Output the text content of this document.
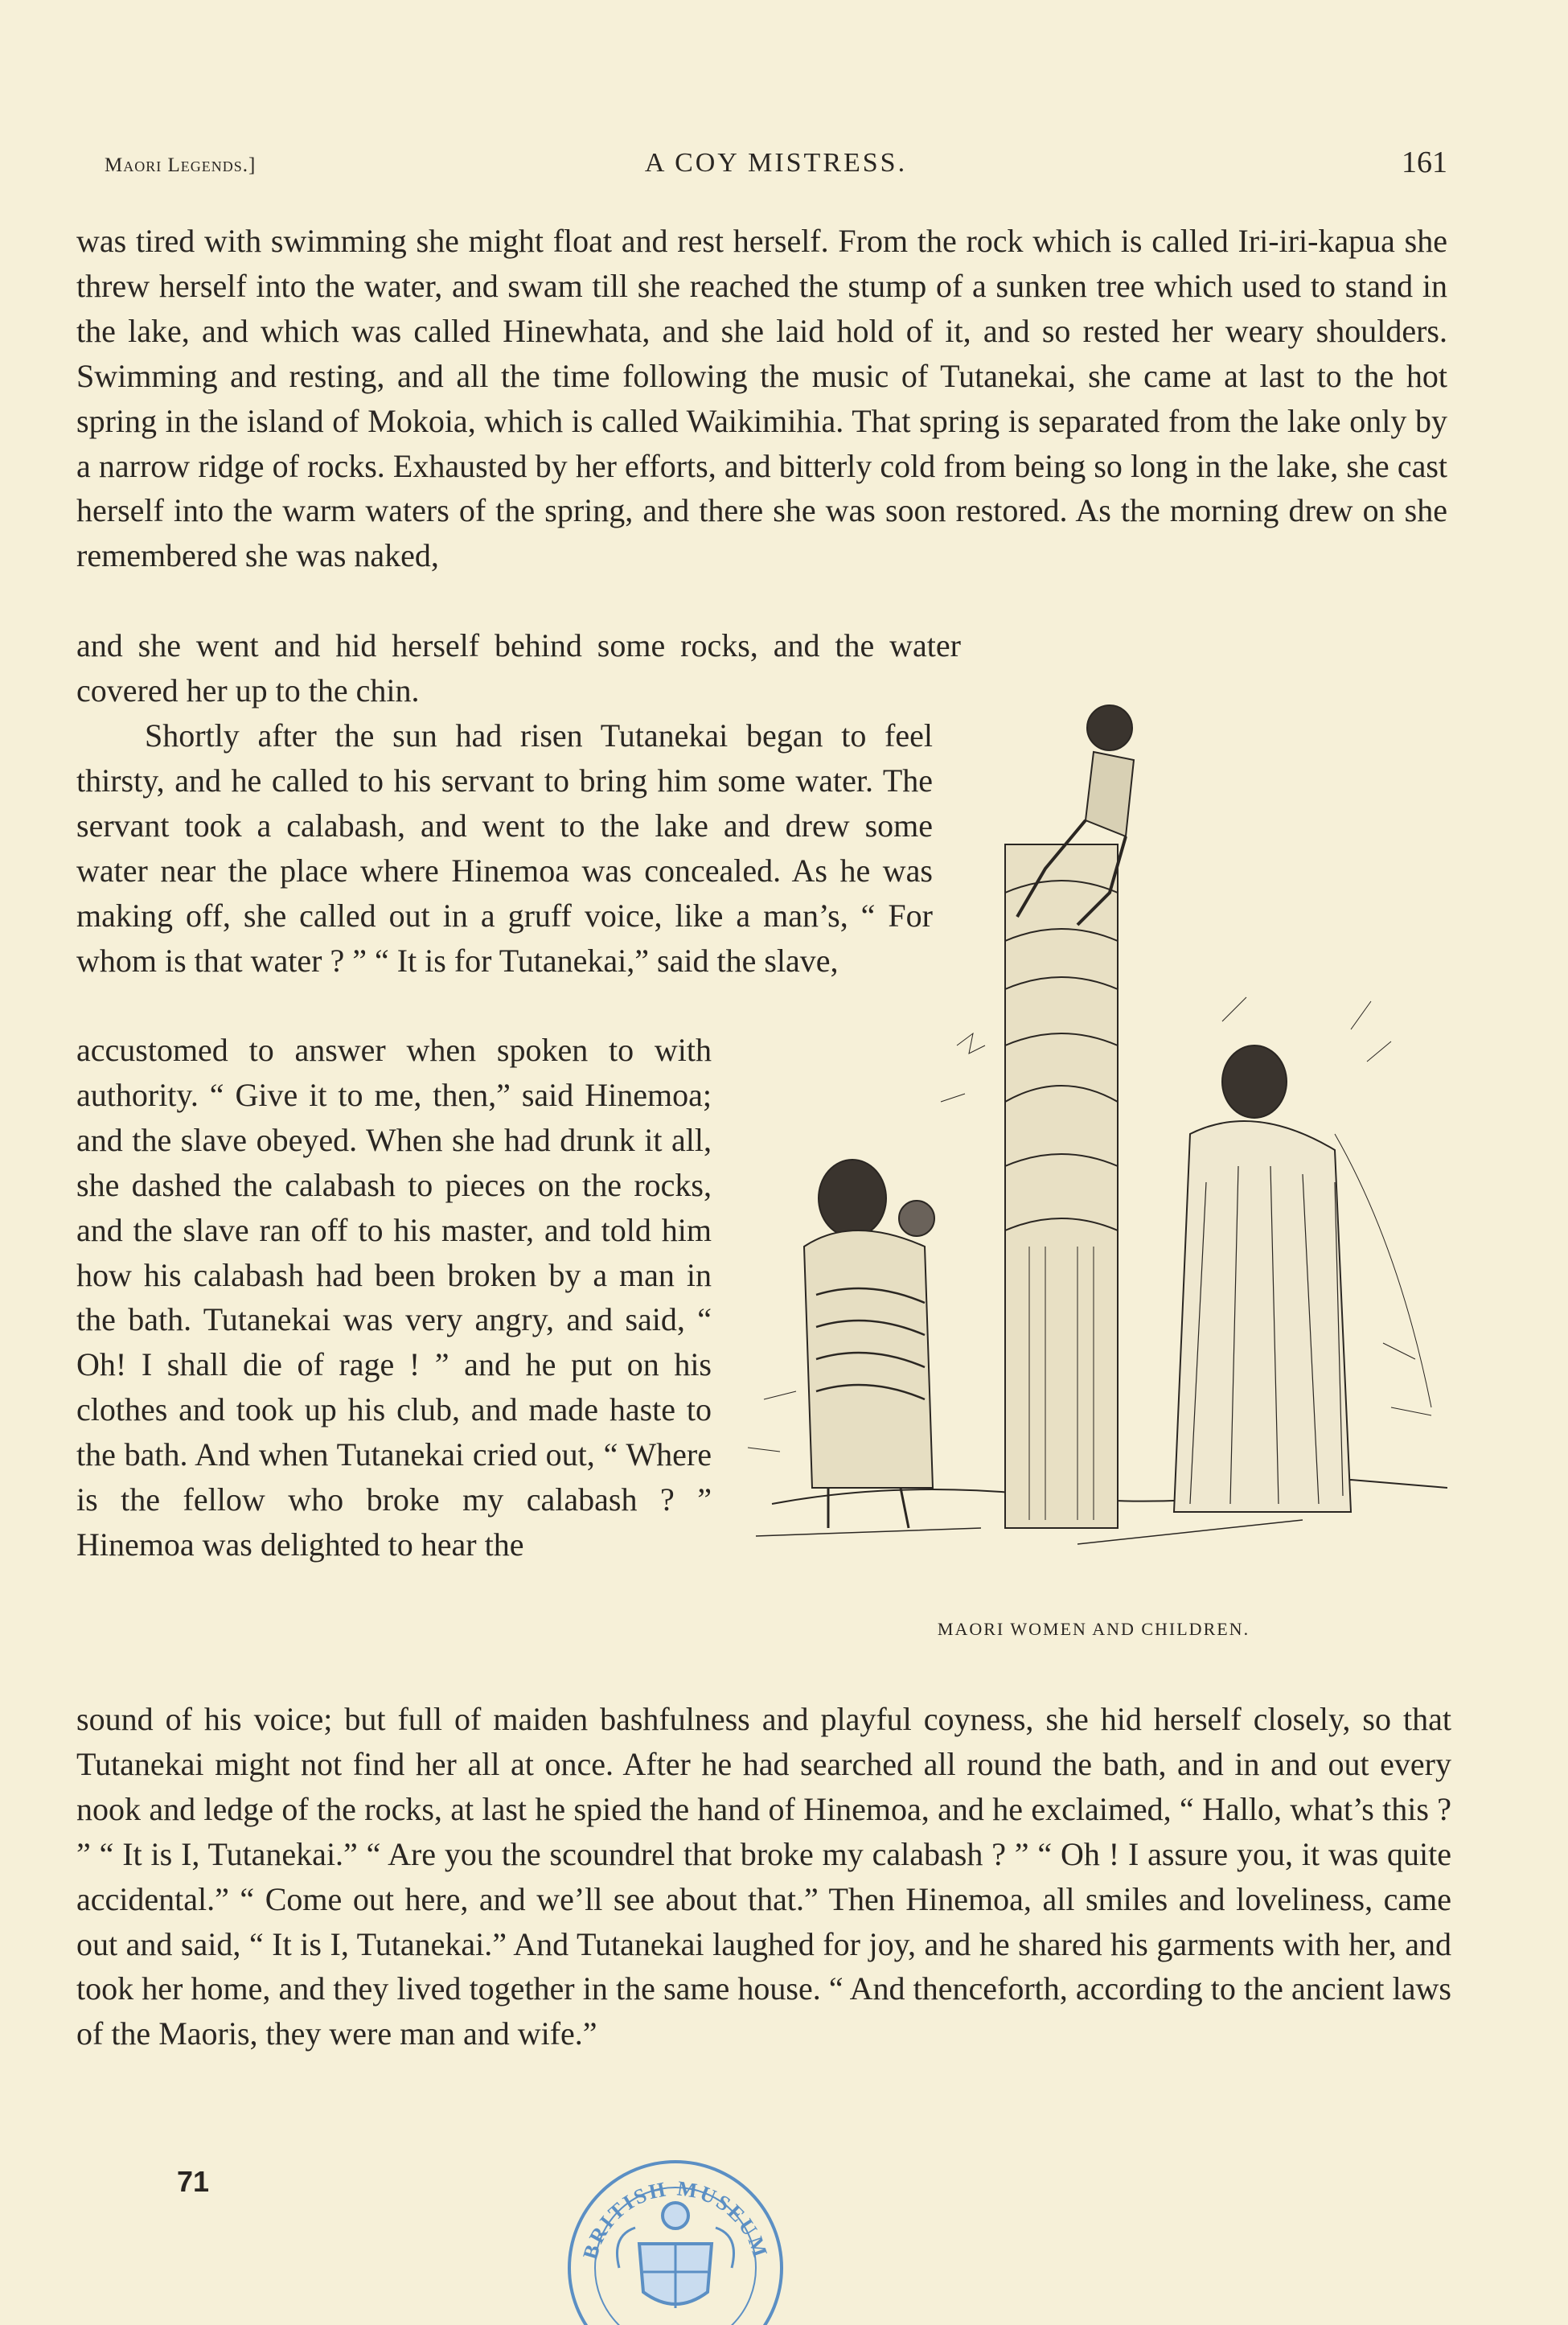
Maori Legends.]	A COY MISTRESS.	161

was tired with swimming she might float and rest herself. From the rock which is called Iri-iri-kapua she threw herself into the water, and swam till she reached the stump of a sunken tree which used to stand in the lake, and which was called Hinewhata, and she laid hold of it, and so rested her weary shoulders. Swimming and resting, and all the time following the music of Tutanekai, she came at last to the hot spring in the island of Mokoia, which is called Waikimihia. That spring is separated from the lake only by a narrow ridge of rocks. Exhausted by her efforts, and bitterly cold from being so long in the lake, she cast herself into the warm waters of the spring, and there she was soon restored. As the morning drew on she remembered she was naked,

and she went and hid herself behind some rocks, and the water covered her up to the chin.

Shortly after the sun had risen Tutanekai began to feel thirsty, and he called to his servant to bring him some water. The servant took a calabash, and went to the lake and drew some water near the place where Hinemoa was concealed. As he was making off, she called out in a gruff voice, like a man’s, “ For whom is that water ? ” “ It is for Tutanekai,” said the slave,

accustomed to answer when spoken to with authority. “ Give it to me, then,” said Hinemoa; and the slave obeyed. When she had drunk it all, she dashed the calabash to pieces on the rocks, and the slave ran off to his master, and told him how his calabash had been broken by a man in the bath. Tutanekai was very angry, and said, “ Oh! I shall die of rage ! ” and he put on his clothes and took up his club, and made haste to the bath. And when Tutanekai cried out, “ Where is the fellow who broke my calabash ? ” Hinemoa was delighted to hear the

sound of his voice; but full of maiden bashfulness and playful coyness, she hid herself closely, so that Tutanekai might not find her all at once. After he had searched all round the bath, and in and out every nook and ledge of the rocks, at last he spied the hand of Hinemoa, and he exclaimed, “ Hallo, what’s this ? ” “ It is I, Tutanekai.” “ Are you the scoundrel that broke my calabash ? ” “ Oh ! I assure you, it was quite accidental.” “ Come out here, and we’ll see about that.” Then Hinemoa, all smiles and loveliness, came out and said, “ It is I, Tutanekai.” And Tutanekai laughed for joy, and he shared his garments with her, and took her home, and they lived together in the same house. “ And thenceforth, according to the ancient laws of the Maoris, they were man and wife.”

MAORI WOMEN AND CHILDREN.
71
BRITISH MUSEUM
